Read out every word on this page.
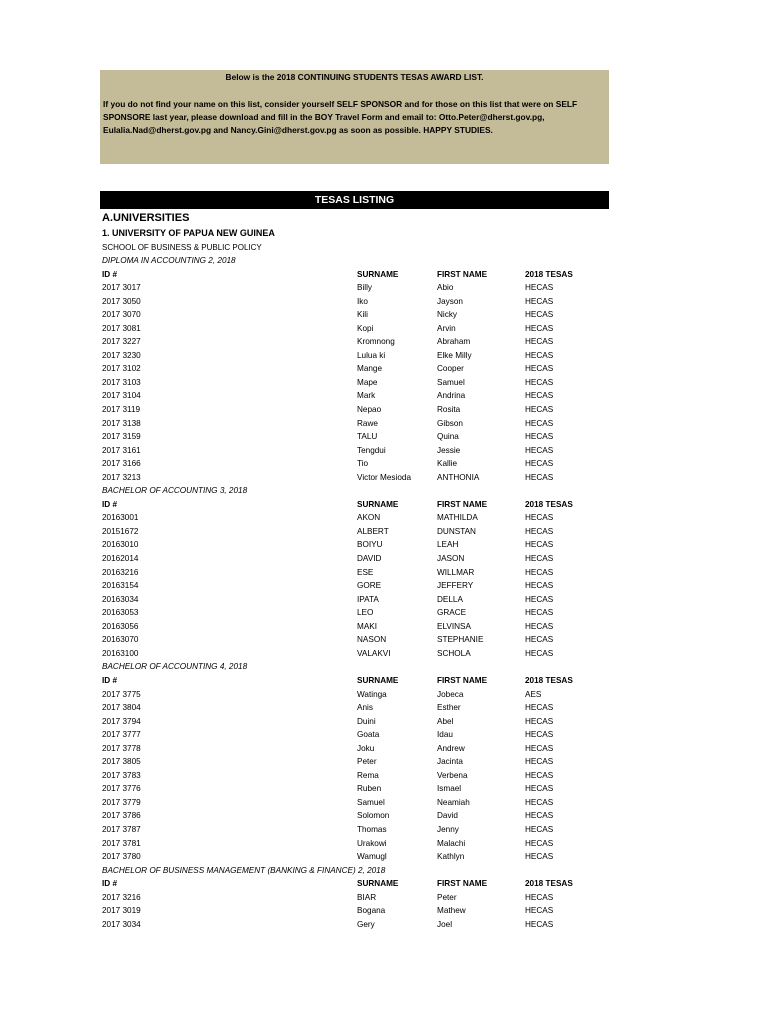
Below is the 2018 CONTINUING STUDENTS TESAS AWARD LIST.
If you do not find your name on this list, consider yourself SELF SPONSOR and for those on this list that were on SELF SPONSORE last year, please download and fill in the BOY Travel Form and email to: Otto.Peter@dherst.gov.pg, Eulalia.Nad@dherst.gov.pg and Nancy.Gini@dherst.gov.pg as soon as possible. HAPPY STUDIES.
TESAS LISTING
A.UNIVERSITIES
1. UNIVERSITY OF PAPUA NEW GUINEA
SCHOOL OF BUSINESS & PUBLIC POLICY
DIPLOMA IN ACCOUNTING 2, 2018
ID #	SURNAME	FIRST NAME	2018 TESAS
2017 3017	Billy	Abio	HECAS
2017 3050	Iko	Jayson	HECAS
2017 3070	Kili	Nicky	HECAS
2017 3081	Kopi	Arvin	HECAS
2017 3227	Kromnong	Abraham	HECAS
2017 3230	Lulua ki	Elke Milly	HECAS
2017 3102	Mange	Cooper	HECAS
2017 3103	Mape	Samuel	HECAS
2017 3104	Mark	Andrina	HECAS
2017 3119	Nepao	Rosita	HECAS
2017 3138	Rawe	Gibson	HECAS
2017 3159	TALU	Quina	HECAS
2017 3161	Tengdui	Jessie	HECAS
2017 3166	Tio	Kallie	HECAS
2017 3213	Victor Mesioda	ANTHONIA	HECAS
BACHELOR OF ACCOUNTING 3, 2018
ID #	SURNAME	FIRST NAME	2018 TESAS
20163001	AKON	MATHILDA	HECAS
20151672	ALBERT	DUNSTAN	HECAS
20163010	BOIYU	LEAH	HECAS
20162014	DAVID	JASON	HECAS
20163216	ESE	WILLMAR	HECAS
20163154	GORE	JEFFERY	HECAS
20163034	IPATA	DELLA	HECAS
20163053	LEO	GRACE	HECAS
20163056	MAKI	ELVINSA	HECAS
20163070	NASON	STEPHANIE	HECAS
20163100	VALAKVI	SCHOLA	HECAS
BACHELOR OF ACCOUNTING 4, 2018
ID #	SURNAME	FIRST NAME	2018 TESAS
2017 3775	Watinga	Jobeca	AES
2017 3804	Anis	Esther	HECAS
2017 3794	Duini	Abel	HECAS
2017 3777	Goata	Idau	HECAS
2017 3778	Joku	Andrew	HECAS
2017 3805	Peter	Jacinta	HECAS
2017 3783	Rema	Verbena	HECAS
2017 3776	Ruben	Ismael	HECAS
2017 3779	Samuel	Neamiah	HECAS
2017 3786	Solomon	David	HECAS
2017 3787	Thomas	Jenny	HECAS
2017 3781	Urakowi	Malachi	HECAS
2017 3780	Wamugl	Kathlyn	HECAS
BACHELOR OF BUSINESS MANAGEMENT (BANKING & FINANCE) 2, 2018
ID #	SURNAME	FIRST NAME	2018 TESAS
2017 3216	BIAR	Peter	HECAS
2017 3019	Bogana	Mathew	HECAS
2017 3034	Gery	Joel	HECAS
